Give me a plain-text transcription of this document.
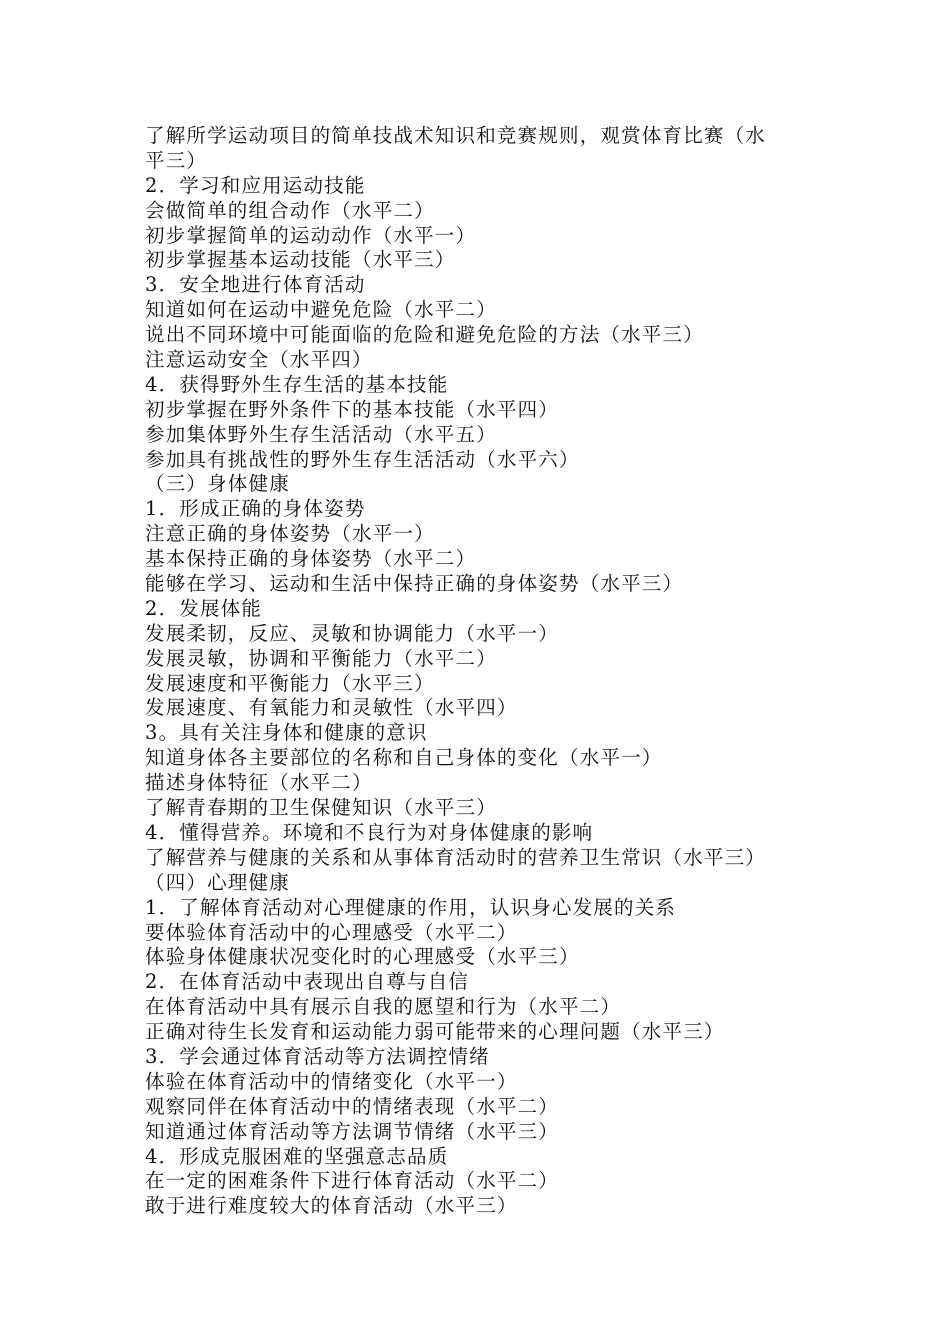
了解所学运动项目的简单技战术知识和竞赛规则，观赏体育比赛（水
平三）
2．学习和应用运动技能
会做简单的组合动作（水平二）
初步掌握简单的运动动作（水平一）
初步掌握基本运动技能（水平三）
3．安全地进行体育活动
知道如何在运动中避免危险（水平二）
说出不同环境中可能面临的危险和避免危险的方法（水平三）
注意运动安全（水平四）
4．获得野外生存生活的基本技能
初步掌握在野外条件下的基本技能（水平四）
参加集体野外生存生活活动（水平五）
参加具有挑战性的野外生存生活活动（水平六）
（三）身体健康
1．形成正确的身体姿势
注意正确的身体姿势（水平一）
基本保持正确的身体姿势（水平二）
能够在学习、运动和生活中保持正确的身体姿势（水平三）
2．发展体能
发展柔韧，反应、灵敏和协调能力（水平一）
发展灵敏，协调和平衡能力（水平二）
发展速度和平衡能力（水平三）
发展速度、有氧能力和灵敏性（水平四）
3。具有关注身体和健康的意识
知道身体各主要部位的名称和自己身体的变化（水平一）
描述身体特征（水平二）
了解青春期的卫生保健知识（水平三）
4．懂得营养。环境和不良行为对身体健康的影响
了解营养与健康的关系和从事体育活动时的营养卫生常识（水平三）
（四）心理健康
1．了解体育活动对心理健康的作用，认识身心发展的关系
要体验体育活动中的心理感受（水平二）
体验身体健康状况变化时的心理感受（水平三）
2．在体育活动中表现出自尊与自信
在体育活动中具有展示自我的愿望和行为（水平二）
正确对待生长发育和运动能力弱可能带来的心理问题（水平三）
3．学会通过体育活动等方法调控情绪
体验在体育活动中的情绪变化（水平一）
观察同伴在体育活动中的情绪表现（水平二）
知道通过体育活动等方法调节情绪（水平三）
4．形成克服困难的坚强意志品质
在一定的困难条件下进行体育活动（水平二）
敢于进行难度较大的体育活动（水平三）
